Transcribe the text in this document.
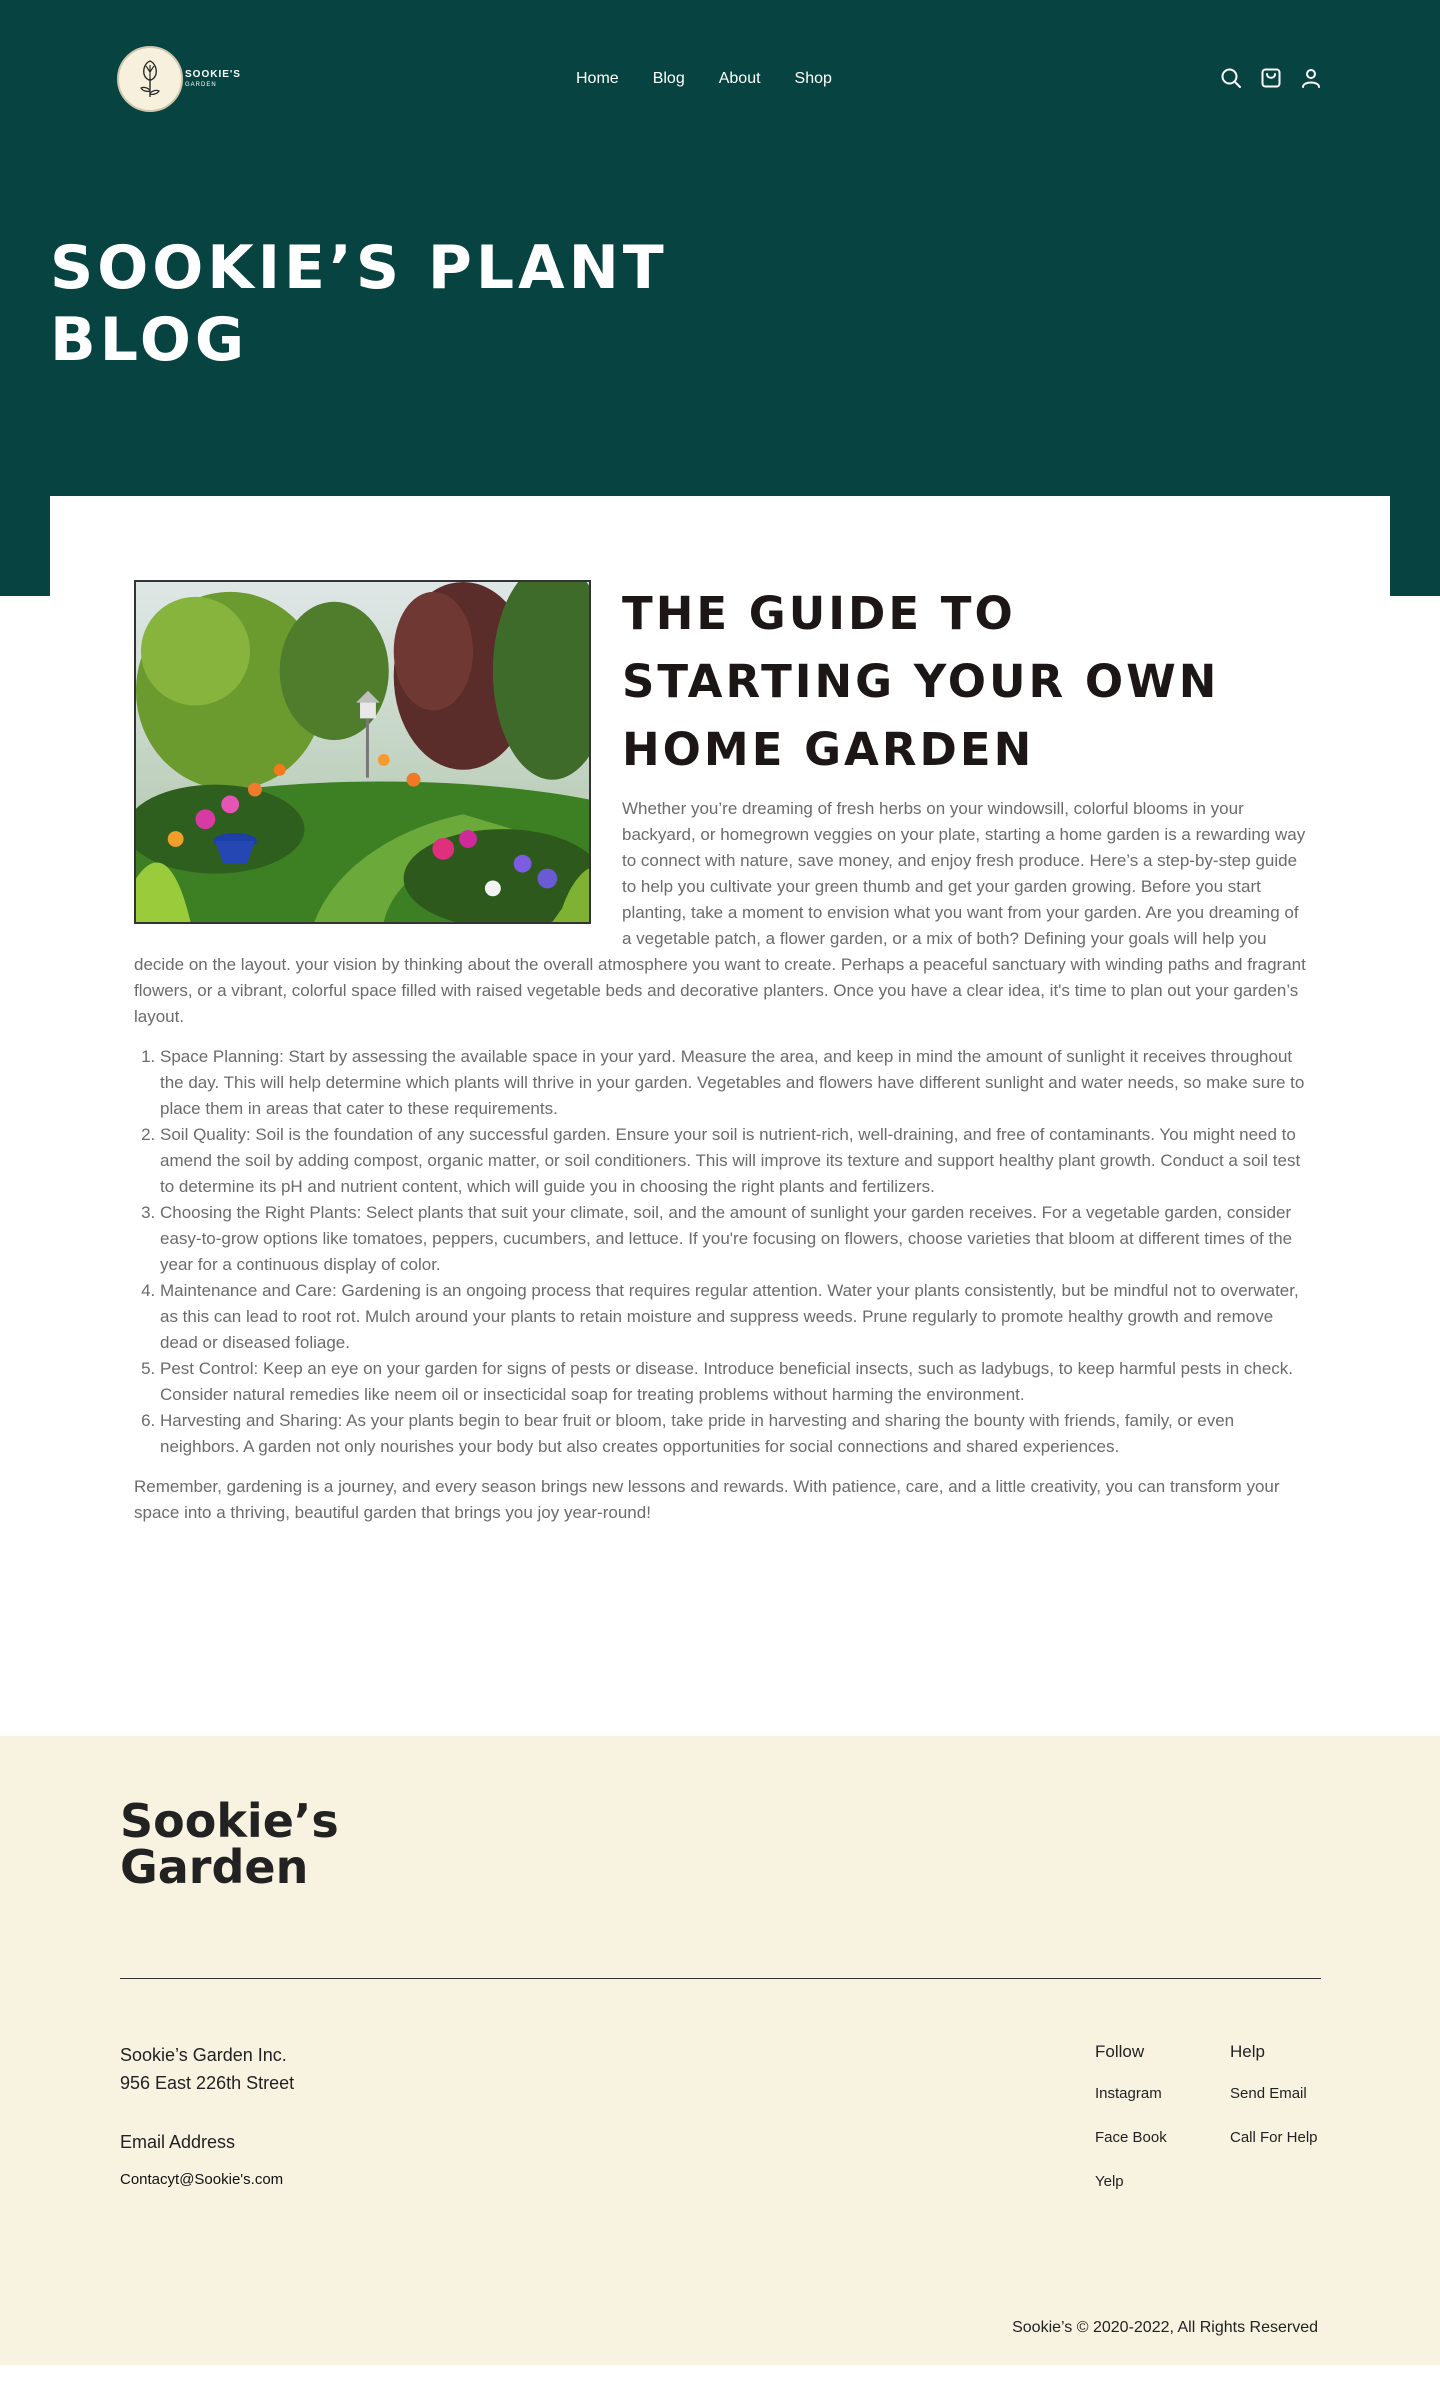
SOOKIE'S
GARDEN	Home Blog About Shop
SOOKIE’S PLANT BLOG
THE GUIDE TO STARTING YOUR OWN HOME GARDEN

Whether you’re dreaming of fresh herbs on your windowsill, colorful blooms in your backyard, or homegrown veggies on your plate, starting a home garden is a rewarding way to connect with nature, save money, and enjoy fresh produce. Here’s a step-by-step guide to help you cultivate your green thumb and get your garden growing. Before you start planting, take a moment to envision what you want from your garden. Are you dreaming of a vegetable patch, a flower garden, or a mix of both? Defining your goals will help you decide on the layout. your vision by thinking about the overall atmosphere you want to create. Perhaps a peaceful sanctuary with winding paths and fragrant flowers, or a vibrant, colorful space filled with raised vegetable beds and decorative planters. Once you have a clear idea, it's time to plan out your garden’s layout.

1. Space Planning: Start by assessing the available space in your yard. Measure the area, and keep in mind the amount of sunlight it receives throughout the day. This will help determine which plants will thrive in your garden. Vegetables and flowers have different sunlight and water needs, so make sure to place them in areas that cater to these requirements.
2. Soil Quality: Soil is the foundation of any successful garden. Ensure your soil is nutrient-rich, well-draining, and free of contaminants. You might need to amend the soil by adding compost, organic matter, or soil conditioners. This will improve its texture and support healthy plant growth. Conduct a soil test to determine its pH and nutrient content, which will guide you in choosing the right plants and fertilizers.
3. Choosing the Right Plants: Select plants that suit your climate, soil, and the amount of sunlight your garden receives. For a vegetable garden, consider easy-to-grow options like tomatoes, peppers, cucumbers, and lettuce. If you're focusing on flowers, choose varieties that bloom at different times of the year for a continuous display of color.
4. Maintenance and Care: Gardening is an ongoing process that requires regular attention. Water your plants consistently, but be mindful not to overwater, as this can lead to root rot. Mulch around your plants to retain moisture and suppress weeds. Prune regularly to promote healthy growth and remove dead or diseased foliage.
5. Pest Control: Keep an eye on your garden for signs of pests or disease. Introduce beneficial insects, such as ladybugs, to keep harmful pests in check. Consider natural remedies like neem oil or insecticidal soap for treating problems without harming the environment.
6. Harvesting and Sharing: As your plants begin to bear fruit or bloom, take pride in harvesting and sharing the bounty with friends, family, or even neighbors. A garden not only nourishes your body but also creates opportunities for social connections and shared experiences.

Remember, gardening is a journey, and every season brings new lessons and rewards. With patience, care, and a little creativity, you can transform your space into a thriving, beautiful garden that brings you joy year-round!

Sookie’s Garden
Sookie’s Garden Inc.
956 East 226th Street
Email Address
Contacyt@Sookie's.com
Follow
Instagram
Face Book
Yelp
Help
Send Email
Call For Help
Sookie’s © 2020-2022, All Rights Reserved
